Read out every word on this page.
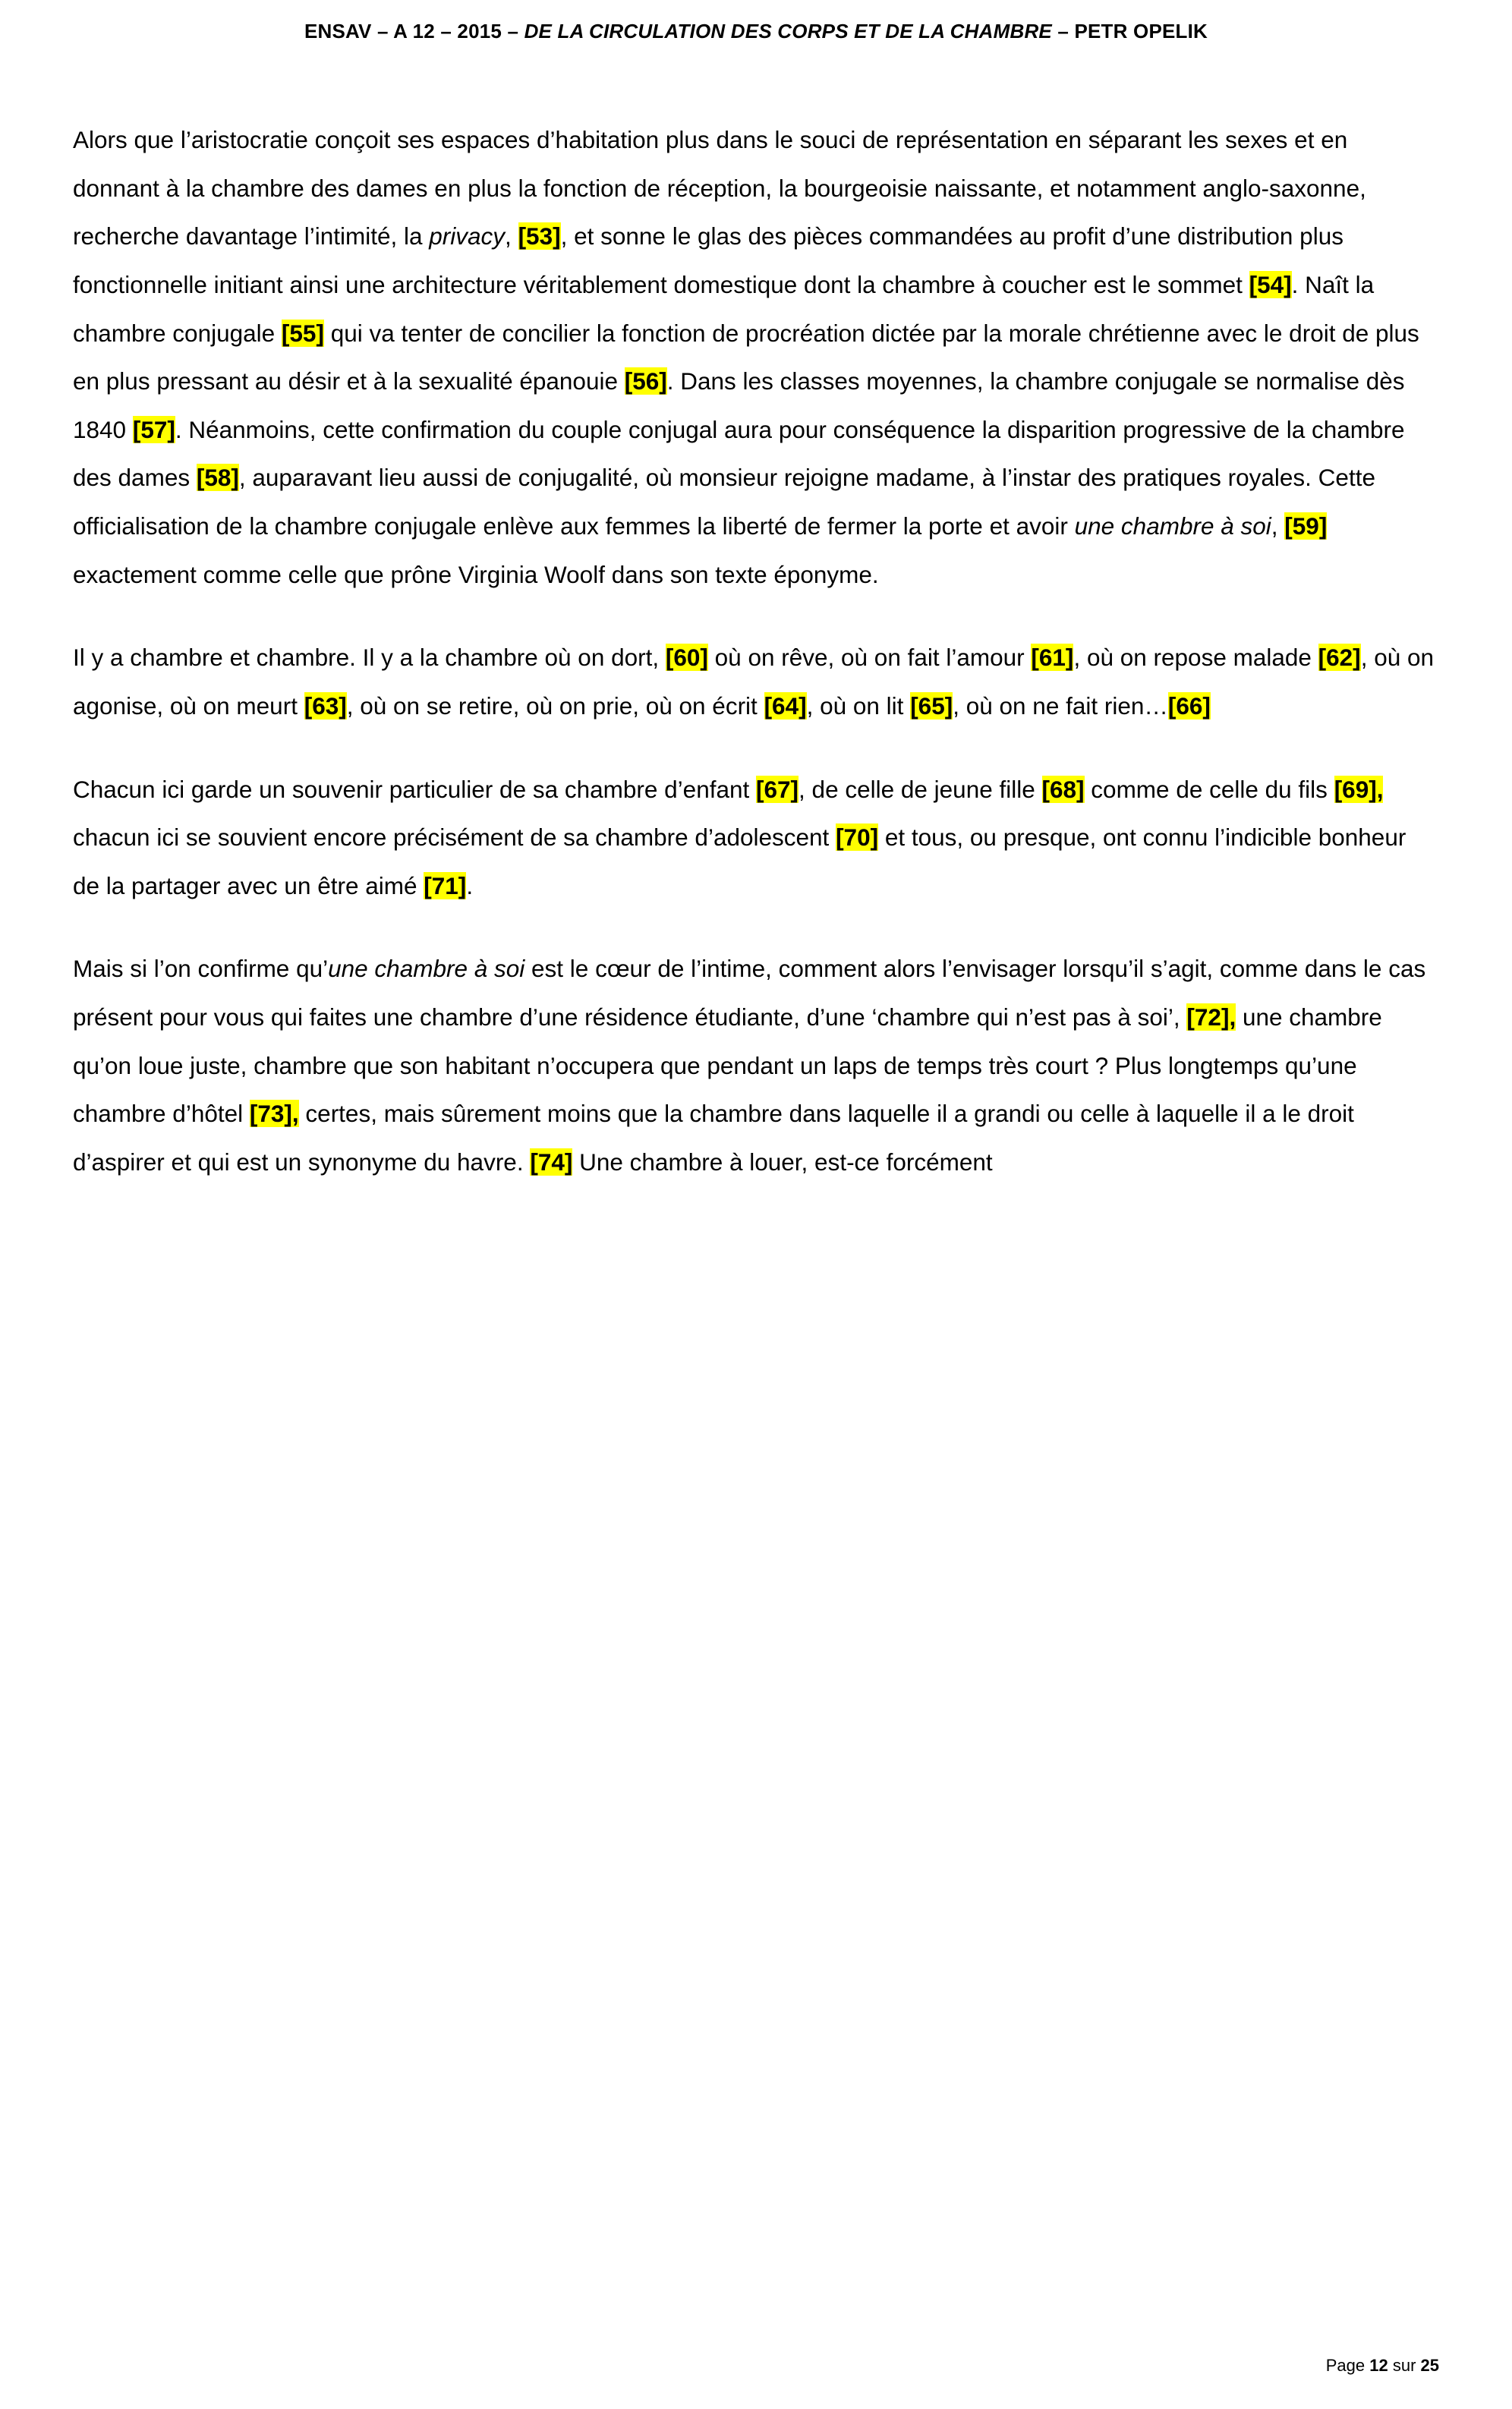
ENSAV – A 12 – 2015 – DE LA CIRCULATION DES CORPS ET DE LA CHAMBRE – PETR OPELIK
Alors que l’aristocratie conçoit ses espaces d’habitation plus dans le souci de représentation en séparant les sexes et en donnant à la chambre des dames en plus la fonction de réception, la bourgeoisie naissante, et notamment anglo-saxonne, recherche davantage l’intimité, la privacy, [53], et sonne le glas des pièces commandées au profit d’une distribution plus fonctionnelle initiant ainsi une architecture véritablement domestique dont la chambre à coucher est le sommet [54]. Naît la chambre conjugale [55] qui va tenter de concilier la fonction de procréation dictée par la morale chrétienne avec le droit de plus en plus pressant au désir et à la sexualité épanouie [56]. Dans les classes moyennes, la chambre conjugale se normalise dès 1840 [57]. Néanmoins, cette confirmation du couple conjugal aura pour conséquence la disparition progressive de la chambre des dames [58], auparavant lieu aussi de conjugalité, où monsieur rejoigne madame, à l’instar des pratiques royales. Cette officialisation de la chambre conjugale enlève aux femmes la liberté de fermer la porte et avoir une chambre à soi, [59] exactement comme celle que prône Virginia Woolf dans son texte éponyme.
Il y a chambre et chambre. Il y a la chambre où on dort, [60] où on rêve, où on fait l’amour [61], où on repose malade [62], où on agonise, où on meurt [63], où on se retire, où on prie, où on écrit [64], où on lit [65], où on ne fait rien…[66]
Chacun ici garde un souvenir particulier de sa chambre d’enfant [67], de celle de jeune fille [68] comme de celle du fils [69], chacun ici se souvient encore précisément de sa chambre d’adolescent [70] et tous, ou presque, ont connu l’indicible bonheur de la partager avec un être aimé [71].
Mais si l’on confirme qu’une chambre à soi est le cœur de l’intime, comment alors l’envisager lorsqu’il s’agit, comme dans le cas présent pour vous qui faites une chambre d’une résidence étudiante, d’une ‘chambre qui n’est pas à soi’, [72], une chambre qu’on loue juste, chambre que son habitant n’occupera que pendant un laps de temps très court ? Plus longtemps qu’une chambre d’hôtel [73], certes, mais sûrement moins que la chambre dans laquelle il a grandi ou celle à laquelle il a le droit d’aspirer et qui est un synonyme du havre. [74] Une chambre à louer, est-ce forcément
Page 12 sur 25
